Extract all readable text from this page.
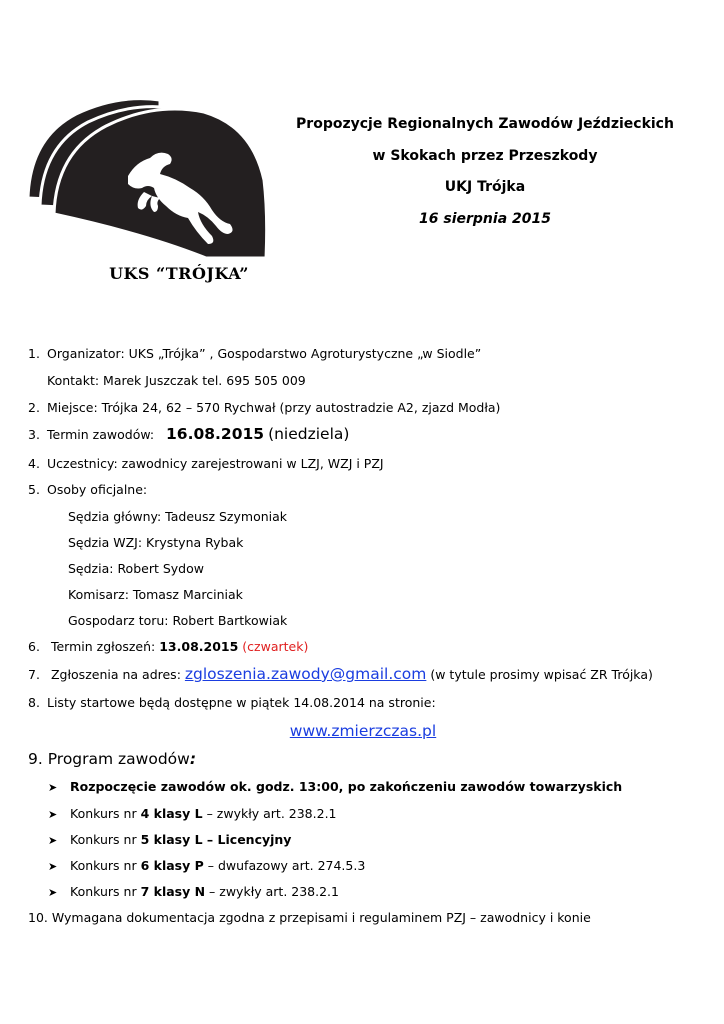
UKS “TRÓJKA”
Propozycje Regionalnych Zawodów Jeździeckich
w Skokach przez Przeszkody
UKJ Trójka
16 sierpnia 2015
1. Organizator: UKS „Trójka” , Gospodarstwo Agroturystyczne „w Siodle”
Kontakt: Marek Juszczak tel. 695 505 009
2. Miejsce: Trójka 24, 62 – 570 Rychwał (przy autostradzie A2, zjazd Modła)
3. Termin zawodów: 16.08.2015 (niedziela)
4. Uczestnicy: zawodnicy zarejestrowani w LZJ, WZJ i PZJ
5. Osoby oficjalne:
Sędzia główny: Tadeusz Szymoniak
Sędzia WZJ: Krystyna Rybak
Sędzia: Robert Sydow
Komisarz: Tomasz Marciniak
Gospodarz toru: Robert Bartkowiak
6. Termin zgłoszeń: 13.08.2015 (czwartek)
7. Zgłoszenia na adres: zgloszenia.zawody@gmail.com (w tytule prosimy wpisać ZR Trójka)
8. Listy startowe będą dostępne w piątek 14.08.2014 na stronie:
www.zmierzczas.pl
9. Program zawodów:
➤ Rozpoczęcie zawodów ok. godz. 13:00, po zakończeniu zawodów towarzyskich
➤ Konkurs nr 4 klasy L – zwykły art. 238.2.1
➤ Konkurs nr 5 klasy L – Licencyjny
➤ Konkurs nr 6 klasy P – dwufazowy art. 274.5.3
➤ Konkurs nr 7 klasy N – zwykły art. 238.2.1
10. Wymagana dokumentacja zgodna z przepisami i regulaminem PZJ – zawodnicy i konie
